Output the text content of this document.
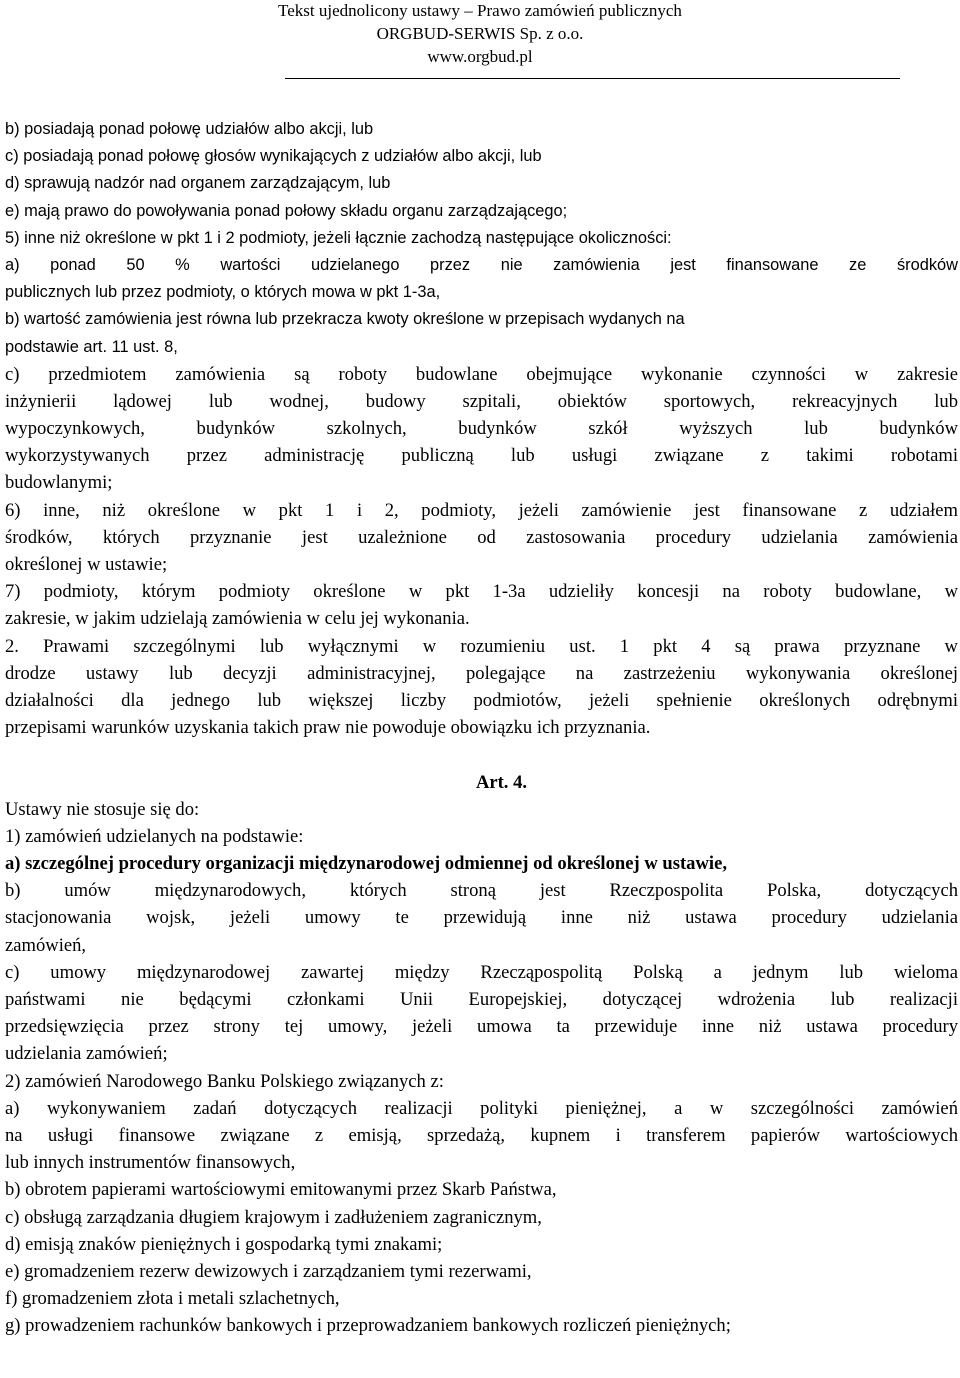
Tekst ujednolicony ustawy – Prawo zamówień publicznych
ORGBUD-SERWIS Sp. z o.o.
www.orgbud.pl
b) posiadają ponad połowę udziałów albo akcji, lub
c) posiadają ponad połowę głosów wynikających z udziałów albo akcji, lub
d) sprawują nadzór nad organem zarządzającym, lub
e) mają prawo do powoływania ponad połowy składu organu zarządzającego;
5) inne niż określone w pkt 1 i 2 podmioty, jeżeli łącznie zachodzą następujące okoliczności:
a) ponad 50 % wartości udzielanego przez nie zamówienia jest finansowane ze środków
publicznych lub przez podmioty, o których mowa w pkt 1-3a,
b) wartość zamówienia jest równa lub przekracza kwoty określone w przepisach wydanych na
podstawie art. 11 ust. 8,
c) przedmiotem zamówienia są roboty budowlane obejmujące wykonanie czynności w zakresie
inżynierii lądowej lub wodnej, budowy szpitali, obiektów sportowych, rekreacyjnych lub
wypoczynkowych, budynków szkolnych, budynków szkół wyższych lub budynków
wykorzystywanych przez administrację publiczną lub usługi związane z takimi robotami
budowlanymi;
6) inne, niż określone w pkt 1 i 2, podmioty, jeżeli zamówienie jest finansowane z udziałem
środków, których przyznanie jest uzależnione od zastosowania procedury udzielania zamówienia
określonej w ustawie;
7) podmioty, którym podmioty określone w pkt 1-3a udzieliły koncesji na roboty budowlane, w
zakresie, w jakim udzielają zamówienia w celu jej wykonania.
2. Prawami szczególnymi lub wyłącznymi w rozumieniu ust. 1 pkt 4 są prawa przyznane w
drodze ustawy lub decyzji administracyjnej, polegające na zastrzeżeniu wykonywania określonej
działalności dla jednego lub większej liczby podmiotów, jeżeli spełnienie określonych odrębnymi
przepisami warunków uzyskania takich praw nie powoduje obowiązku ich przyznania.
Art. 4.
Ustawy nie stosuje się do:
1) zamówień udzielanych na podstawie:
a) szczególnej procedury organizacji międzynarodowej odmiennej od określonej w ustawie,
b) umów międzynarodowych, których stroną jest Rzeczpospolita Polska, dotyczących
stacjonowania wojsk, jeżeli umowy te przewidują inne niż ustawa procedury udzielania
zamówień,
c) umowy międzynarodowej zawartej między Rzecząpospolitą Polską a jednym lub wieloma
państwami nie będącymi członkami Unii Europejskiej, dotyczącej wdrożenia lub realizacji
przedsięwzięcia przez strony tej umowy, jeżeli umowa ta przewiduje inne niż ustawa procedury
udzielania zamówień;
2) zamówień Narodowego Banku Polskiego związanych z:
a) wykonywaniem zadań dotyczących realizacji polityki pieniężnej, a w szczególności zamówień
na usługi finansowe związane z emisją, sprzedażą, kupnem i transferem papierów wartościowych
lub innych instrumentów finansowych,
b) obrotem papierami wartościowymi emitowanymi przez Skarb Państwa,
c) obsługą zarządzania długiem krajowym i zadłużeniem zagranicznym,
d) emisją znaków pieniężnych i gospodarką tymi znakami;
e) gromadzeniem rezerw dewizowych i zarządzaniem tymi rezerwami,
f) gromadzeniem złota i metali szlachetnych,
g) prowadzeniem rachunków bankowych i przeprowadzaniem bankowych rozliczeń pieniężnych;
